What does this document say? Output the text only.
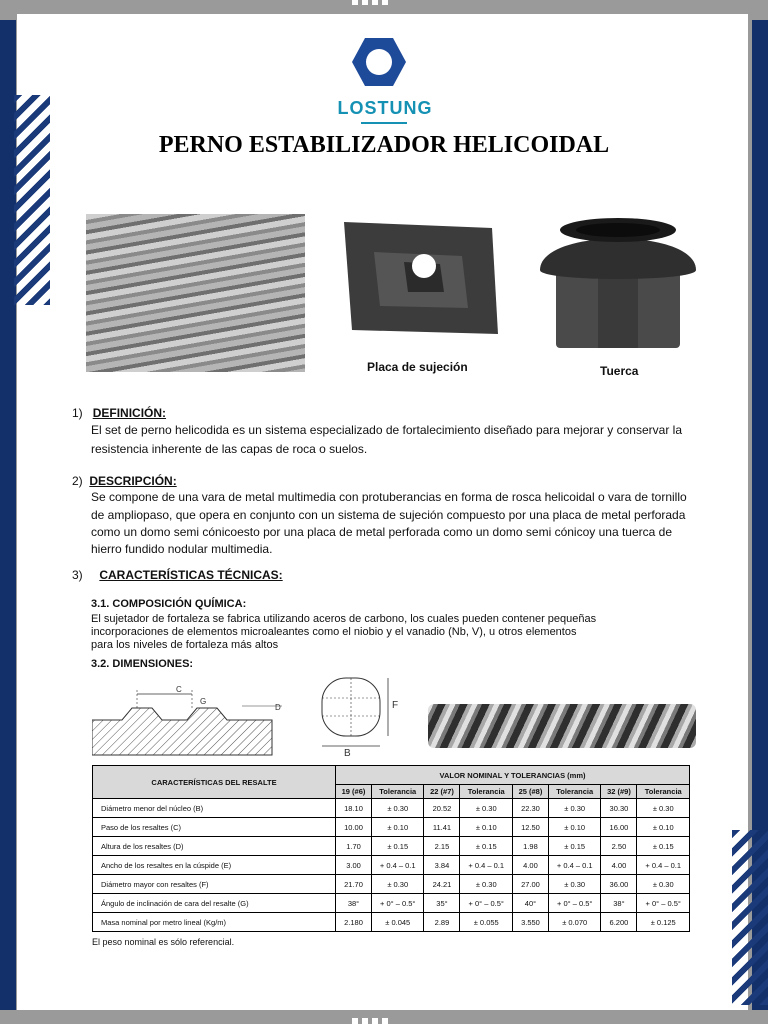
LOSTUNG
PERNO ESTABILIZADOR HELICOIDAL
Placa de sujeción	Tuerca
1) DEFINICIÓN:
El set de perno helicodida es un sistema especializado de fortalecimiento diseñado para mejorar y conservar la
resistencia inherente de las capas de roca o suelos.
2) DESCRIPCIÓN:
Se compone de una vara de metal multimedia con protuberancias en forma de rosca helicoidal o vara de tornillo
de ampliopaso, que opera en conjunto con un sistema de sujeción compuesto por una placa de metal perforada
como un domo semi cónicoesto por una placa de metal perforada como un domo semi cónicoy una tuerca de
hierro fundido nodular multimedia.
3) CARACTERÍSTICAS TÉCNICAS:
3.1. COMPOSICIÓN QUÍMICA:
El sujetador de fortaleza se fabrica utilizando aceros de carbono, los cuales pueden contener pequeñas
incorporaciones de elementos microaleantes como el niobio y el vanadio (Nb, V), u otros elementos
para los niveles de fortaleza más altos
3.2. DIMENSIONES:
C
G
D	F
B
CARACTERÍSTICAS DEL RESALTE	VALOR NOMINAL Y TOLERANCIAS (mm)							
	19 (#6)	Tolerancia	22 (#7)	Tolerancia	25 (#8)	Tolerancia	32 (#9)	Tolerancia
Diámetro menor del núcleo (B)	18.10	± 0.30	20.52	± 0.30	22.30	± 0.30	30.30	± 0.30
Paso de los resaltes (C)	10.00	± 0.10	11.41	± 0.10	12.50	± 0.10	16.00	± 0.10
Altura de los resaltes (D)	1.70	± 0.15	2.15	± 0.15	1.98	± 0.15	2.50	± 0.15
Ancho de los resaltes en la cúspide (E)	3.00	+ 0.4 – 0.1	3.84	+ 0.4 – 0.1	4.00	+ 0.4 – 0.1	4.00	+ 0.4 – 0.1
Diámetro mayor con resaltes (F)	21.70	± 0.30	24.21	± 0.30	27.00	± 0.30	36.00	± 0.30
Ángulo de inclinación de cara del resalte (G)	38°	+ 0° – 0.5°	35°	+ 0° – 0.5°	40°	+ 0° – 0.5°	38°	+ 0° – 0.5°
Masa nominal por metro lineal (Kg/m)	2.180	± 0.045	2.89	± 0.055	3.550	± 0.070	6.200	± 0.125
El peso nominal es sólo referencial.
